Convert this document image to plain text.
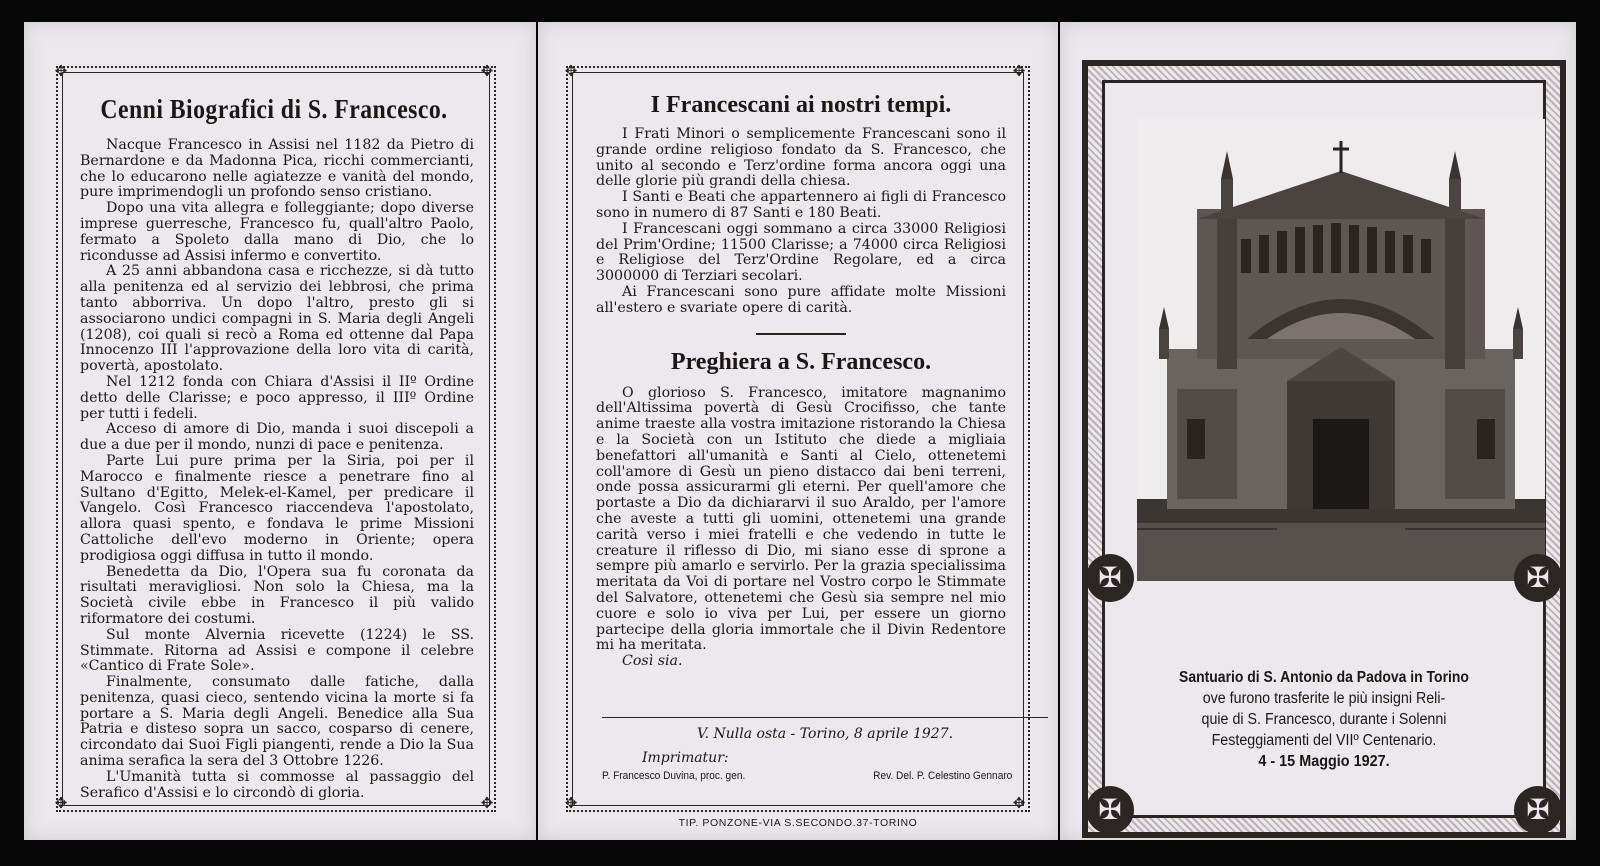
✥	✥
✥	✥
Cenni Biografici di S. Francesco.

Nacque Francesco in Assisi nel 1182 da Pietro di Bernardone e da Madonna Pica, ricchi commercianti, che lo educarono nelle agiatezze e vanità del mondo, pure imprimendogli un profondo senso cristiano.

Dopo una vita allegra e folleggiante; dopo diverse imprese guerresche, Francesco fu, quall'altro Paolo, fermato a Spoleto dalla mano di Dio, che lo ricondusse ad Assisi infermo e convertito.

A 25 anni abbandona casa e ricchezze, si dà tutto alla penitenza ed al servizio dei lebbrosi, che prima tanto abborriva. Un dopo l'altro, presto gli si associarono undici compagni in S. Maria degli Angeli (1208), coi quali si recò a Roma ed ottenne dal Papa Innocenzo III l'approvazione della loro vita di carità, povertà, apostolato.

Nel 1212 fonda con Chiara d'Assisi il IIº Ordine detto delle Clarisse; e poco appresso, il IIIº Ordine per tutti i fedeli.

Acceso di amore di Dio, manda i suoi discepoli a due a due per il mondo, nunzi di pace e penitenza.

Parte Lui pure prima per la Siria, poi per il Marocco e finalmente riesce a penetrare fino al Sultano d'Egitto, Melek-el-Kamel, per predicare il Vangelo. Così Francesco riaccendeva l'apostolato, allora quasi spento, e fondava le prime Missioni Cattoliche dell'evo moderno in Oriente; opera prodigiosa oggi diffusa in tutto il mondo.

Benedetta da Dio, l'Opera sua fu coronata da risultati meravigliosi. Non solo la Chiesa, ma la Società civile ebbe in Francesco il più valido riformatore dei costumi.

Sul monte Alvernia ricevette (1224) le SS. Stimmate. Ritorna ad Assisi e compone il celebre «Cantico di Frate Sole».

Finalmente, consumato dalle fatiche, dalla penitenza, quasi cieco, sentendo vicina la morte si fa portare a S. Maria degli Angeli. Benedice alla Sua Patria e disteso sopra un sacco, cosparso di cenere, circondato dai Suoi Figli piangenti, rende a Dio la Sua anima serafica la sera del 3 Ottobre 1226.

L'Umanità tutta si commosse al passaggio del Serafico d'Assisi e lo circondò di gloria.

✥	✥
✥	✥
I Francescani ai nostri tempi.

I Frati Minori o semplicemente Francescani sono il grande ordine religioso fondato da S. Francesco, che unito al secondo e Terz'ordine forma ancora oggi una delle glorie più grandi della chiesa.

I Santi e Beati che appartennero ai figli di Francesco sono in numero di 87 Santi e 180 Beati.

I Francescani oggi sommano a circa 33000 Religiosi del Prim'Ordine; 11500 Clarisse; a 74000 circa Religiosi e Religiose del Terz'Ordine Regolare, ed a circa 3000000 di Terziari secolari.

Ai Francescani sono pure affidate molte Missioni all'estero e svariate opere di carità.

Preghiera a S. Francesco.

O glorioso S. Francesco, imitatore magnanimo dell'Altissima povertà di Gesù Crocifisso, che tante anime traeste alla vostra imitazione ristorando la Chiesa e la Società con un Istituto che diede a migliaia benefattori all'umanità e Santi al Cielo, ottenetemi coll'amore di Gesù un pieno distacco dai beni terreni, onde possa assicurarmi gli eterni. Per quell'amore che portaste a Dio da dichiararvi il suo Araldo, per l'amore che aveste a tutti gli uomini, ottenetemi una grande carità verso i miei fratelli e che vedendo in tutte le creature il riflesso di Dio, mi siano esse di sprone a sempre più amarlo e servirlo. Per la grazia specialissima meritata da Voi di portare nel Vostro corpo le Stimmate del Salvatore, ottenetemi che Gesù sia sempre nel mio cuore e solo io viva per Lui, per essere un giorno partecipe della gloria immortale che il Divin Redentore mi ha meritata.

Così sia.

V. Nulla osta - Torino, 8 aprile 1927.
Imprimatur:
P. Francesco Duvina, proc. gen.	Rev. Del. P. Celestino Gennaro
TIP. PONZONE-VIA S.SECONDO.37-TORINO
Santuario di S. Antonio da Padova in Torino
ove furono trasferite le più insigni Reli-
quie di S. Francesco, durante i Solenni
Festeggiamenti del VIIº Centenario.
4 - 15 Maggio 1927.
✠	✠
✠	✠
